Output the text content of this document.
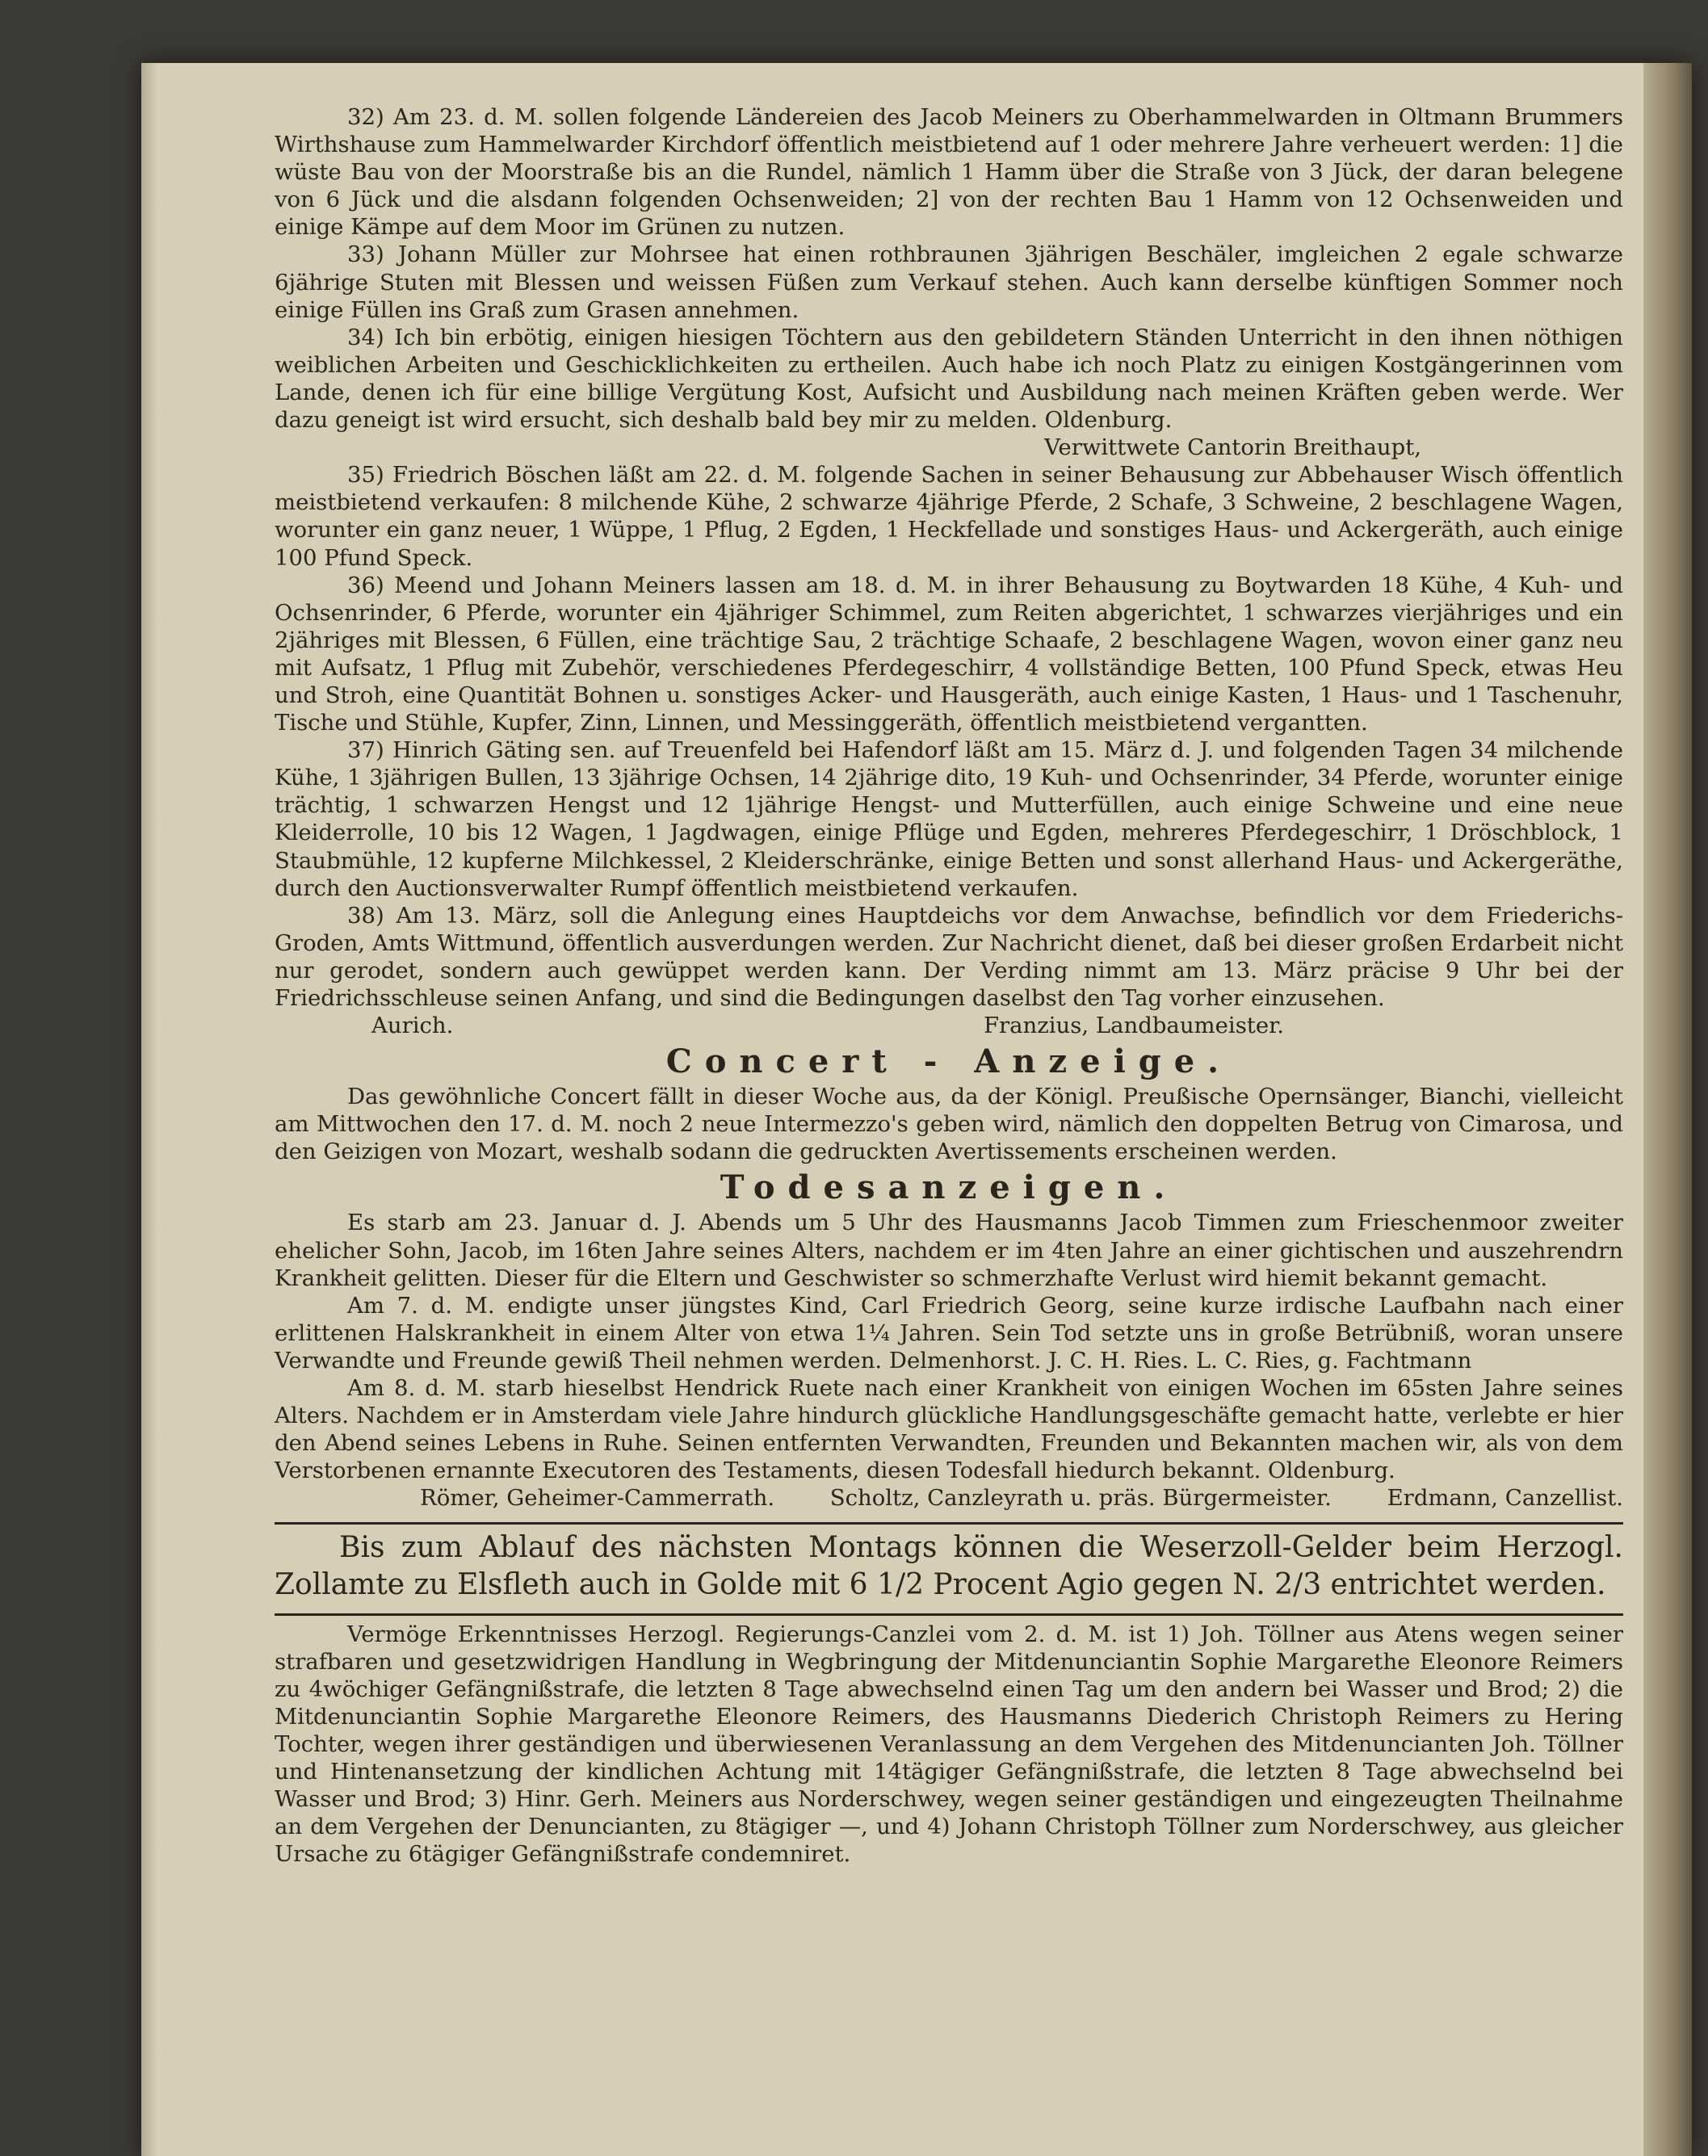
32) Am 23. d. M. sollen folgende Ländereien des Jacob Meiners zu Oberhammelwarden in Oltmann Brummers Wirthshause zum Hammelwarder Kirchdorf öffentlich meistbietend auf 1 oder mehrere Jahre verheuert werden: 1] die wüste Bau von der Moorstraße bis an die Rundel, nämlich 1 Hamm über die Straße von 3 Jück, der daran belegene von 6 Jück und die alsdann folgenden Ochsenweiden; 2] von der rechten Bau 1 Hamm von 12 Ochsenweiden und einige Kämpe auf dem Moor im Grünen zu nutzen.

33) Johann Müller zur Mohrsee hat einen rothbraunen 3jährigen Beschäler, imgleichen 2 egale schwarze 6jährige Stuten mit Blessen und weissen Füßen zum Verkauf stehen. Auch kann derselbe künftigen Sommer noch einige Füllen ins Graß zum Grasen annehmen.

34) Ich bin erbötig, einigen hiesigen Töchtern aus den gebildetern Ständen Unterricht in den ihnen nöthigen weiblichen Arbeiten und Geschicklichkeiten zu ertheilen. Auch habe ich noch Platz zu einigen Kostgängerinnen vom Lande, denen ich für eine billige Vergütung Kost, Aufsicht und Ausbildung nach meinen Kräften geben werde. Wer dazu geneigt ist wird ersucht, sich deshalb bald bey mir zu melden. Oldenburg.

Verwittwete Cantorin Breithaupt,

35) Friedrich Böschen läßt am 22. d. M. folgende Sachen in seiner Behausung zur Abbehauser Wisch öffentlich meistbietend verkaufen: 8 milchende Kühe, 2 schwarze 4jährige Pferde, 2 Schafe, 3 Schweine, 2 beschlagene Wagen, worunter ein ganz neuer, 1 Wüppe, 1 Pflug, 2 Egden, 1 Heckfellade und sonstiges Haus- und Ackergeräth, auch einige 100 Pfund Speck.

36) Meend und Johann Meiners lassen am 18. d. M. in ihrer Behausung zu Boytwarden 18 Kühe, 4 Kuh- und Ochsenrinder, 6 Pferde, worunter ein 4jähriger Schimmel, zum Reiten abgerichtet, 1 schwarzes vierjähriges und ein 2jähriges mit Blessen, 6 Füllen, eine trächtige Sau, 2 trächtige Schaafe, 2 beschlagene Wagen, wovon einer ganz neu mit Aufsatz, 1 Pflug mit Zubehör, verschiedenes Pferdegeschirr, 4 vollständige Betten, 100 Pfund Speck, etwas Heu und Stroh, eine Quantität Bohnen u. sonstiges Acker- und Hausgeräth, auch einige Kasten, 1 Haus- und 1 Taschenuhr, Tische und Stühle, Kupfer, Zinn, Linnen, und Messinggeräth, öffentlich meistbietend vergantten.

37) Hinrich Gäting sen. auf Treuenfeld bei Hafendorf läßt am 15. März d. J. und folgenden Tagen 34 milchende Kühe, 1 3jährigen Bullen, 13 3jährige Ochsen, 14 2jährige dito, 19 Kuh- und Ochsenrinder, 34 Pferde, worunter einige trächtig, 1 schwarzen Hengst und 12 1jährige Hengst- und Mutterfüllen, auch einige Schweine und eine neue Kleiderrolle, 10 bis 12 Wagen, 1 Jagdwagen, einige Pflüge und Egden, mehreres Pferdegeschirr, 1 Dröschblock, 1 Staubmühle, 12 kupferne Milchkessel, 2 Kleiderschränke, einige Betten und sonst allerhand Haus- und Ackergeräthe, durch den Auctionsverwalter Rumpf öffentlich meistbietend verkaufen.

38) Am 13. März, soll die Anlegung eines Hauptdeichs vor dem Anwachse, befindlich vor dem Friederichs-Groden, Amts Wittmund, öffentlich ausverdungen werden. Zur Nachricht dienet, daß bei dieser großen Erdarbeit nicht nur gerodet, sondern auch gewüppet werden kann. Der Verding nimmt am 13. März präcise 9 Uhr bei der Friedrichsschleuse seinen Anfang, und sind die Bedingungen daselbst den Tag vorher einzusehen.

Aurich.	Franzius, Landbaumeister.
Concert - Anzeige.

Das gewöhnliche Concert fällt in dieser Woche aus, da der Königl. Preußische Opernsänger, Bianchi, vielleicht am Mittwochen den 17. d. M. noch 2 neue Intermezzo's geben wird, nämlich den doppelten Betrug von Cimarosa, und den Geizigen von Mozart, weshalb sodann die gedruckten Avertissements erscheinen werden.

Todesanzeigen.

Es starb am 23. Januar d. J. Abends um 5 Uhr des Hausmanns Jacob Timmen zum Frieschenmoor zweiter ehelicher Sohn, Jacob, im 16ten Jahre seines Alters, nachdem er im 4ten Jahre an einer gichtischen und auszehrendrn Krankheit gelitten. Dieser für die Eltern und Geschwister so schmerzhafte Verlust wird hiemit bekannt gemacht.

Am 7. d. M. endigte unser jüngstes Kind, Carl Friedrich Georg, seine kurze irdische Laufbahn nach einer erlittenen Halskrankheit in einem Alter von etwa 1¼ Jahren. Sein Tod setzte uns in große Betrübniß, woran unsere Verwandte und Freunde gewiß Theil nehmen werden. Delmenhorst. J. C. H. Ries. L. C. Ries, g. Fachtmann

Am 8. d. M. starb hieselbst Hendrick Ruete nach einer Krankheit von einigen Wochen im 65sten Jahre seines Alters. Nachdem er in Amsterdam viele Jahre hindurch glückliche Handlungsgeschäfte gemacht hatte, verlebte er hier den Abend seines Lebens in Ruhe. Seinen entfernten Verwandten, Freunden und Bekannten machen wir, als von dem Verstorbenen ernannte Executoren des Testaments, diesen Todesfall hiedurch bekannt. Oldenburg.

Römer, Geheimer-Cammerrath. Scholtz, Canzleyrath u. präs. Bürgermeister. Erdmann, Canzellist.

Bis zum Ablauf des nächsten Montags können die Weserzoll-Gelder beim Herzogl. Zollamte zu Elsfleth auch in Golde mit 6 1/2 Procent Agio gegen N. 2/3 entrichtet werden.

Vermöge Erkenntnisses Herzogl. Regierungs-Canzlei vom 2. d. M. ist 1) Joh. Töllner aus Atens wegen seiner strafbaren und gesetzwidrigen Handlung in Wegbringung der Mitdenunciantin Sophie Margarethe Eleonore Reimers zu 4wöchiger Gefängnißstrafe, die letzten 8 Tage abwechselnd einen Tag um den andern bei Wasser und Brod; 2) die Mitdenunciantin Sophie Margarethe Eleonore Reimers, des Hausmanns Diederich Christoph Reimers zu Hering Tochter, wegen ihrer geständigen und überwiesenen Veranlassung an dem Vergehen des Mitdenuncianten Joh. Töllner und Hintenansetzung der kindlichen Achtung mit 14tägiger Gefängnißstrafe, die letzten 8 Tage abwechselnd bei Wasser und Brod; 3) Hinr. Gerh. Meiners aus Norderschwey, wegen seiner geständigen und eingezeugten Theilnahme an dem Vergehen der Denuncianten, zu 8tägiger —, und 4) Johann Christoph Töllner zum Norderschwey, aus gleicher Ursache zu 6tägiger Gefängnißstrafe condemniret.
